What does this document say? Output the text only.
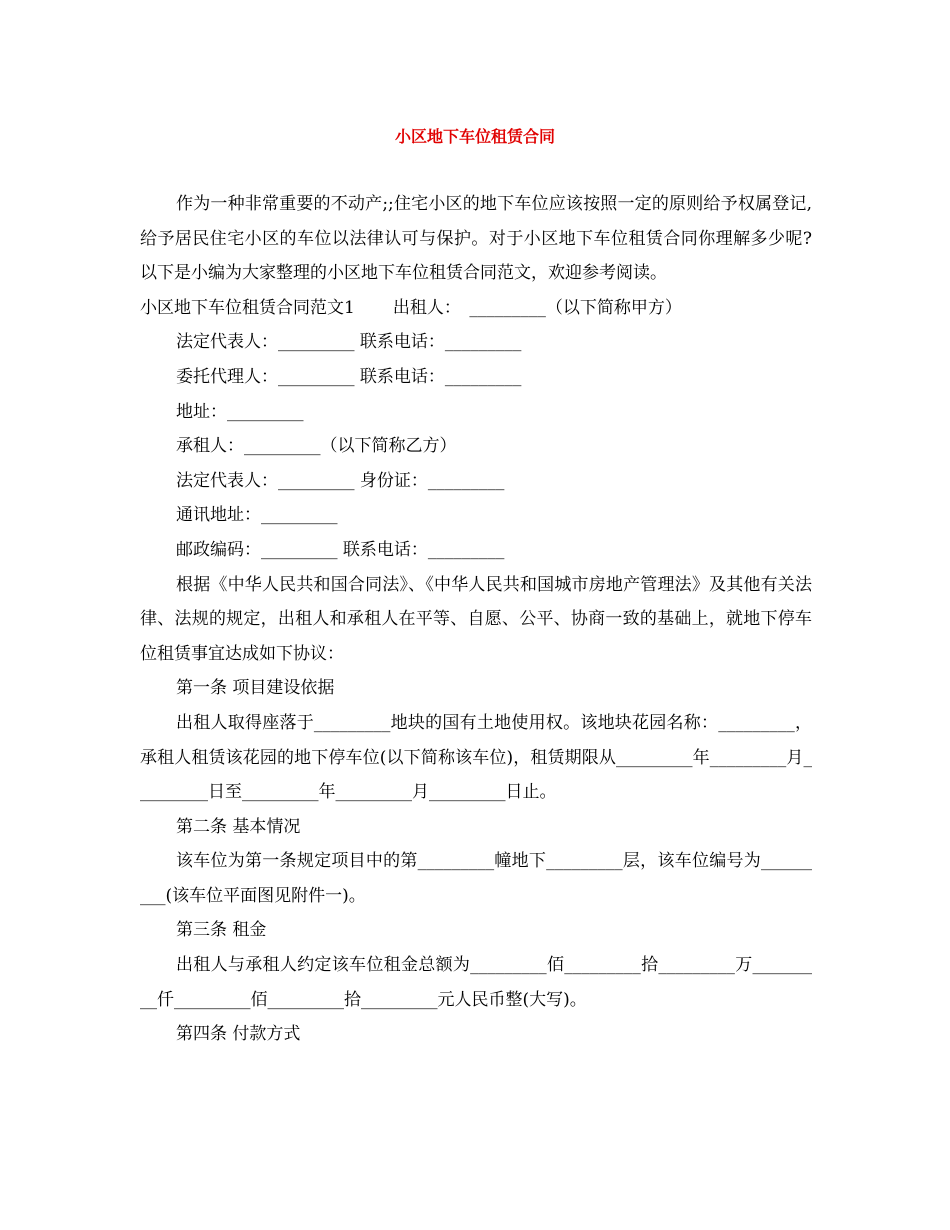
小区地下车位租赁合同

作为一种非常重要的不动产;;住宅小区的地下车位应该按照一定的原则给予权属登记,给予居民住宅小区的车位以法律认可与保护。对于小区地下车位租赁合同你理解多少呢?以下是小编为大家整理的小区地下车位租赁合同范文，欢迎参考阅读。

小区地下车位租赁合同范文1 出租人：　_________（以下简称甲方）

法定代表人：_________ 联系电话：_________

委托代理人：_________ 联系电话：_________

地址：_________

承租人：_________（以下简称乙方）

法定代表人：_________ 身份证：_________

通讯地址：_________

邮政编码：_________ 联系电话：_________

根据《中华人民共和国合同法》、《中华人民共和国城市房地产管理法》及其他有关法律、法规的规定，出租人和承租人在平等、自愿、公平、协商一致的基础上，就地下停车位租赁事宜达成如下协议：

第一条 项目建设依据

出租人取得座落于_________地块的国有土地使用权。该地块花园名称：_________，承租人租赁该花园的地下停车位(以下简称该车位)，租赁期限从_________年_________月_________日至_________年_________月_________日止。

第二条 基本情况

该车位为第一条规定项目中的第_________幢地下_________层，该车位编号为_________(该车位平面图见附件一)。

第三条 租金

出租人与承租人约定该车位租金总额为_________佰_________拾_________万_________仟_________佰_________拾_________元人民币整(大写)。

第四条 付款方式
